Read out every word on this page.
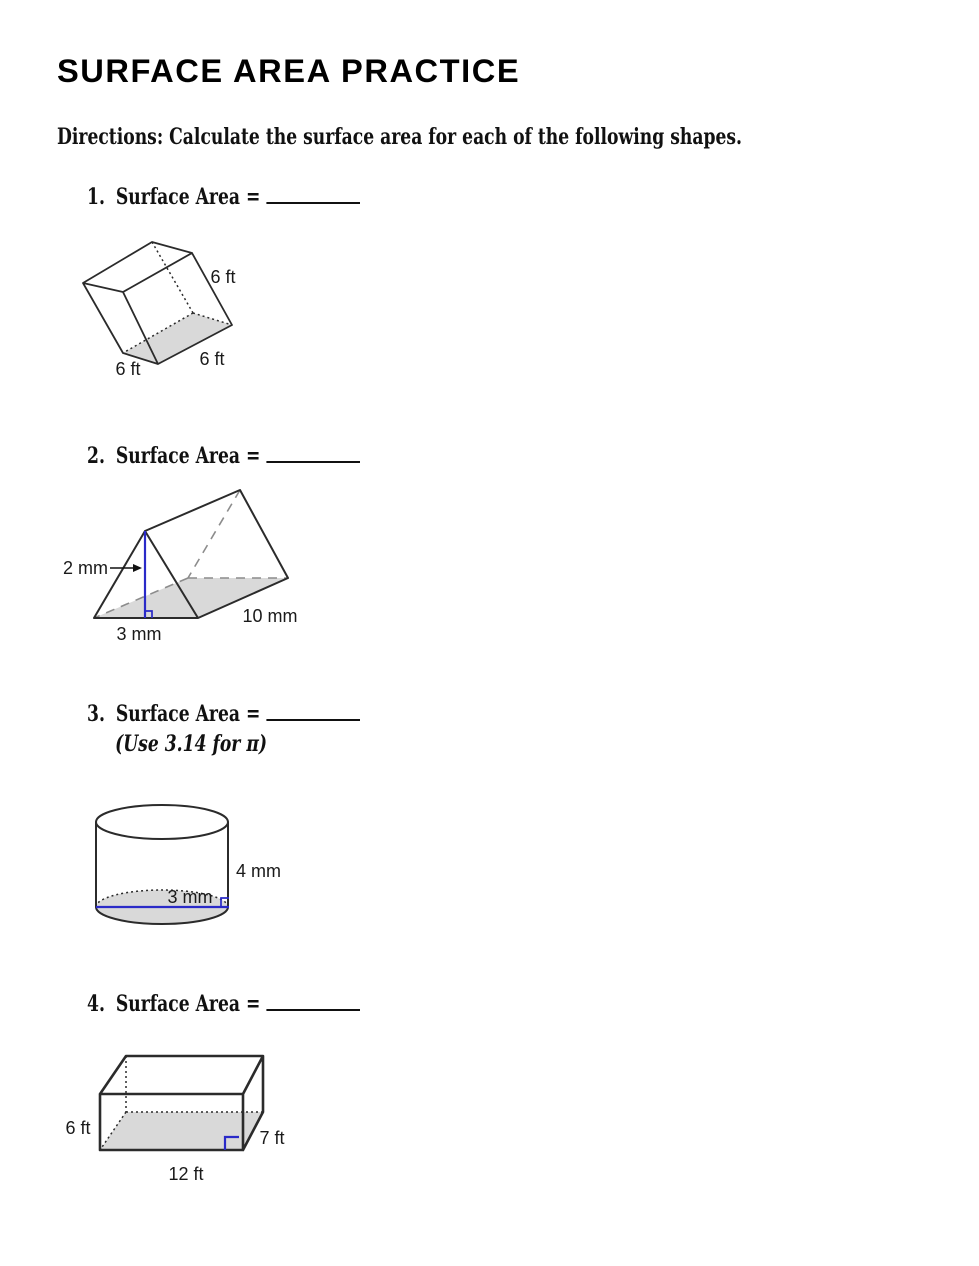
SURFACE AREA PRACTICE
Directions: Calculate the surface area for each of the following shapes.
1. Surface Area =
6 ft
6 ft
6 ft
2. Surface Area =
2 mm
3 mm
10 mm
3. Surface Area =
(Use 3.14 for π)
3 mm
4 mm
4. Surface Area =
6 ft
12 ft
7 ft
